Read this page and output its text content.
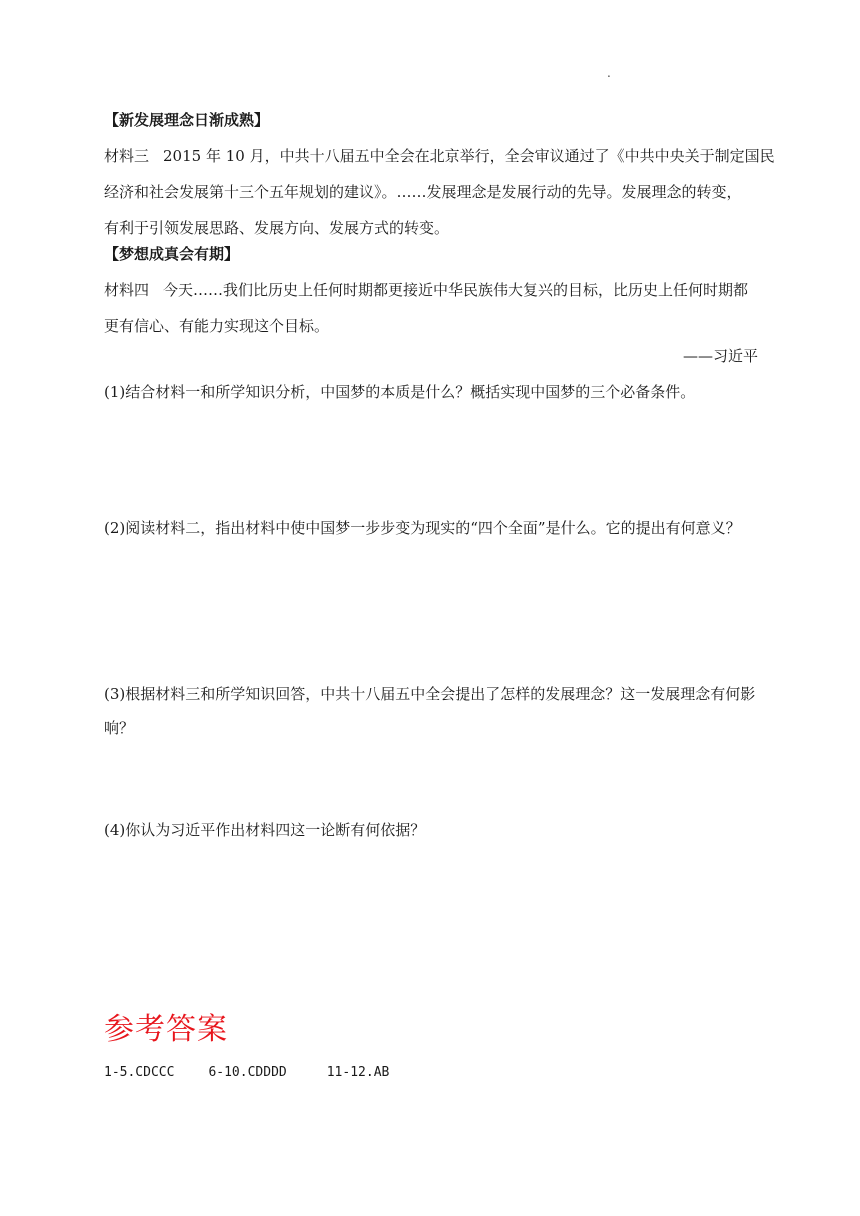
.
【新发展理念日渐成熟】
材料三 2015 年 10 月，中共十八届五中全会在北京举行，全会审议通过了《中共中央关于制定国民
经济和社会发展第十三个五年规划的建议》。……发展理念是发展行动的先导。发展理念的转变，
有利于引领发展思路、发展方向、发展方式的转变。
【梦想成真会有期】
材料四 今天……我们比历史上任何时期都更接近中华民族伟大复兴的目标，比历史上任何时期都
更有信心、有能力实现这个目标。
——习近平
(1)结合材料一和所学知识分析，中国梦的本质是什么？概括实现中国梦的三个必备条件。
(2)阅读材料二，指出材料中使中国梦一步步变为现实的“四个全面”是什么。它的提出有何意义？
(3)根据材料三和所学知识回答，中共十八届五中全会提出了怎样的发展理念？这一发展理念有何影
响？
(4)你认为习近平作出材料四这一论断有何依据？
参考答案
1-5.CDCCC	6-10.CDDDD	11-12.AB
